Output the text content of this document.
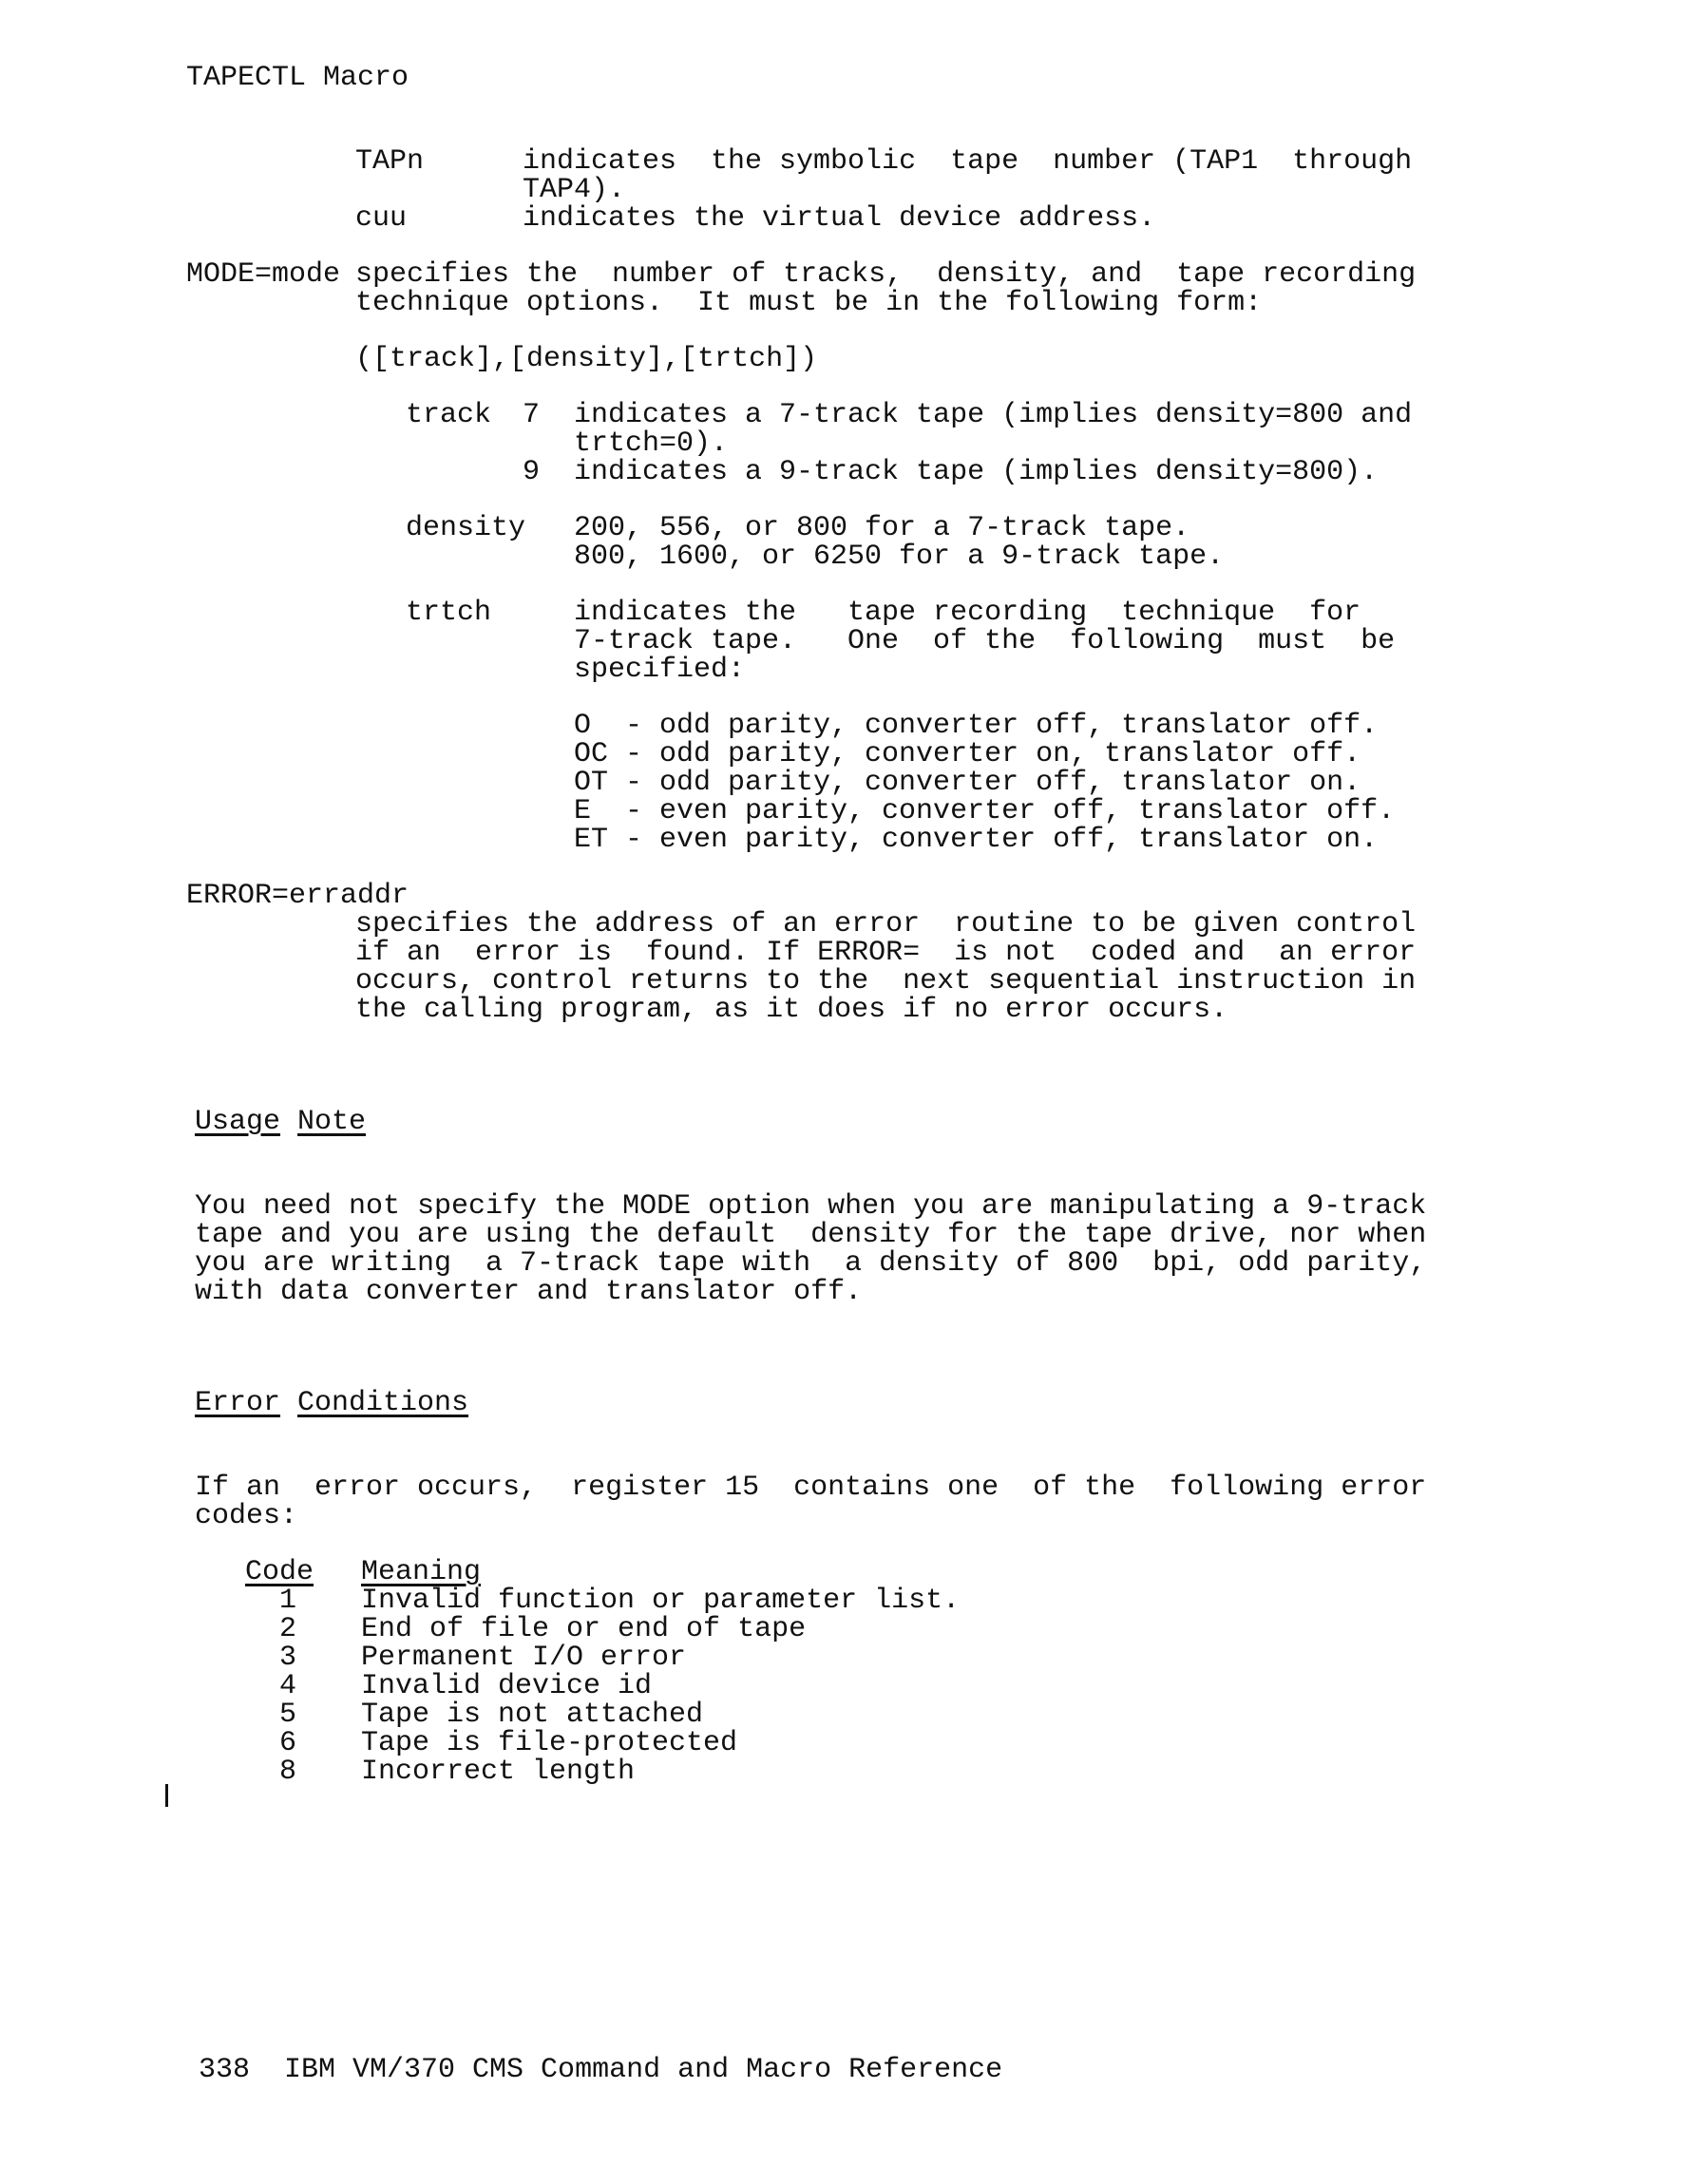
TAPECTL Macro

TAPn	indicates  the symbolic  tape  number (TAP1  through

TAP4).

cuu	indicates the virtual device address.

MODE=mode specifies the  number of tracks,  density, and  tape recording

technique options.  It must be in the following form:

([track],[density],[trtch])

track 7 indicates a 7-track tape (implies density=800 and

trtch=0).

9 indicates a 9-track tape (implies density=800).

density 200, 556, or 800 for a 7-track tape.

800, 1600, or 6250 for a 9-track tape.

trtch	indicates the   tape recording  technique  for

7-track tape.   One  of the  following  must  be

specified:

O  - odd parity, converter off, translator off.

OC - odd parity, converter on, translator off.

OT - odd parity, converter off, translator on.

E  - even parity, converter off, translator off.

ET - even parity, converter off, translator on.

ERROR=erraddr

specifies the address of an error  routine to be given control

if an  error is  found. If ERROR=  is not  coded and  an error

occurs, control returns to the  next sequential instruction in

the calling program, as it does if no error occurs.

Usage Note

You need not specify the MODE option when you are manipulating a 9-track

tape and you are using the default  density for the tape drive, nor when

you are writing  a 7-track tape with  a density of 800  bpi, odd parity,

with data converter and translator off.

Error Conditions

If an  error occurs,  register 15  contains one  of the  following error

codes:

Code Meaning

1 Invalid function or parameter list.

2 End of file or end of tape

3 Permanent I/O error

4 Invalid device id

5 Tape is not attached

6 Tape is file-protected

8 Incorrect length

338  IBM VM/370 CMS Command and Macro Reference
